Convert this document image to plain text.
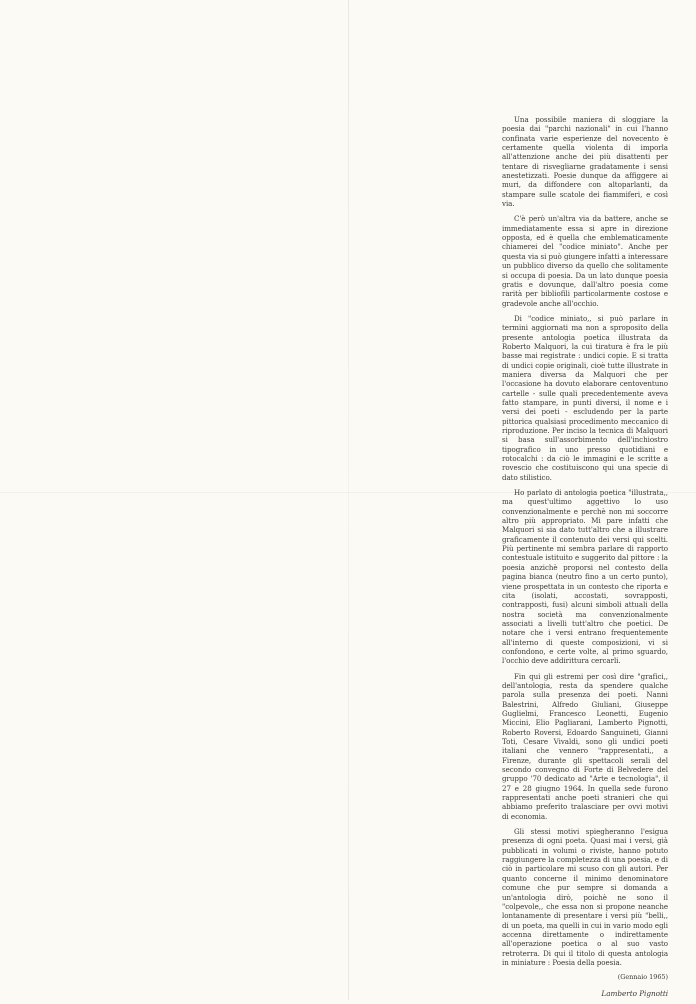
Una possibile maniera di sloggiare la poesia dai "parchi nazionali" in cui l'hanno confinata varie esperienze del novecento è certamente quella violenta di imporla all'attenzione anche dei più disattenti per tentare di risvegliarne gradatamente i sensi anestetizzati. Poesie dunque da affiggere ai muri, da diffondere con altoparlanti, da stampare sulle scatole dei fiammiferi, e così via.

C'è però un'altra via da battere, anche se immediatamente essa si apre in direzione opposta, ed è quella che emblematicamente chiamerei del "codice miniato". Anche per questa via si può giungere infatti a interessare un pubblico diverso da quello che solitamente si occupa di poesia. Da un lato dunque poesia gratis e dovunque, dall'altro poesia come rarità per bibliofili particolarmente costose e gradevole anche all'occhio.

Di "codice miniato,, si può parlare in termini aggiornati ma non a sproposito della presente antologia poetica illustrata da Roberto Malquori, la cui tiratura è fra le più basse mai registrate : undici copie. E si tratta di undici copie originali, cioè tutte illustrate in maniera diversa da Malquori che per l'occasione ha dovuto elaborare centoventuno cartelle - sulle quali precedentemente aveva fatto stampare, in punti diversi, il nome e i versi dei poeti - escludendo per la parte pittorica qualsiasi procedimento meccanico di riproduzione. Per inciso la tecnica di Malquori si basa sull'assorbimento dell'inchiostro tipografico in uno presso quotidiani e rotocalchi : da ciò le immagini e le scritte a rovescio che costituiscono qui una specie di dato stilistico.

Ho parlato di antologia poetica "illustrata,, ma quest'ultimo aggettivo lo uso convenzionalmente e perchè non mi soccorre altro più appropriato. Mi pare infatti che Malquori si sia dato tutt'altro che a illustrare graficamente il contenuto dei versi qui scelti. Più pertinente mi sembra parlare di rapporto contestuale istituito e suggerito dal pittore : la poesia anzichè proporsi nel contesto della pagina bianca (neutro fino a un certo punto), viene prospettata in un contesto che riporta e cita (isolati, accostati, sovrapposti, contrapposti, fusi) alcuni simboli attuali della nostra società ma convenzionalmente associati a livelli tutt'altro che poetici. De notare che i versi entrano frequentemente all'interno di queste composizioni, vi si confondono, e certe volte, al primo sguardo, l'occhio deve addirittura cercarli.

Fin qui gli estremi per così dire "grafici,, dell'antologia, resta da spendere qualche parola sulla presenza dei poeti. Nanni Balestrini, Alfredo Giuliani, Giuseppe Guglielmi, Francesco Leonetti, Eugenio Miccini, Elio Pagliarani, Lamberto Pignotti, Roberto Roversi, Edoardo Sanguineti, Gianni Toti, Cesare Vivaldi, sono gli undici poeti italiani che vennero "rappresentati,, a Firenze, durante gli spettacoli serali del secondo convegno di Forte di Belvedere del gruppo '70 dedicato ad "Arte e tecnologia", il 27 e 28 giugno 1964. In quella sede furono rappresentati anche poeti stranieri che qui abbiamo preferito tralasciare per ovvi motivi di economia.

Gli stessi motivi spiegheranno l'esigua presenza di ogni poeta. Quasi mai i versi, già pubblicati in volumi o riviste, hanno potuto raggiungere la completezza di una poesia, e di ciò in particolare mi scuso con gli autori. Per quanto concerne il minimo denominatore comune che pur sempre si domanda a un'antologia dirò, poichè ne sono il "colpevole,, che essa non si propone neanche lontanamente di presentare i versi più "belli,, di un poeta, ma quelli in cui in vario modo egli accenna direttamente o indirettamente all'operazione poetica o al suo vasto retroterra. Di qui il titolo di questa antologia in miniature : Poesia della poesia.

(Gennaio 1965)

Lamberto Pignotti
